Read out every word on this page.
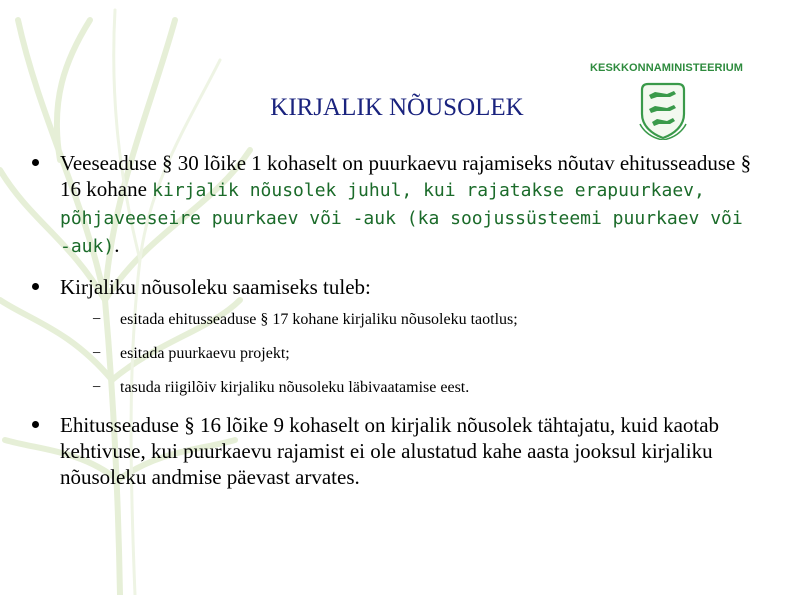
KESKKONNAMINISTEERIUM
KIRJALIK NÕUSOLEK
Veeseaduse § 30 lõike 1 kohaselt on puurkaevu rajamiseks nõutav ehitusseaduse § 16 kohane kirjalik nõusolek juhul, kui rajatakse erapuurkaev, põhjaveeseire puurkaev või -auk (ka soojussüsteemi puurkaev või -auk).
Kirjaliku nõusoleku saamiseks tuleb:
− esitada ehitusseaduse § 17 kohane kirjaliku nõusoleku taotlus;
− esitada puurkaevu projekt;
− tasuda riigilõiv kirjaliku nõusoleku läbivaatamise eest.
Ehitusseaduse § 16 lõike 9 kohaselt on kirjalik nõusolek tähtajatu, kuid kaotab kehtivuse, kui puurkaevu rajamist ei ole alustatud kahe aasta jooksul kirjaliku nõusoleku andmise päevast arvates.
